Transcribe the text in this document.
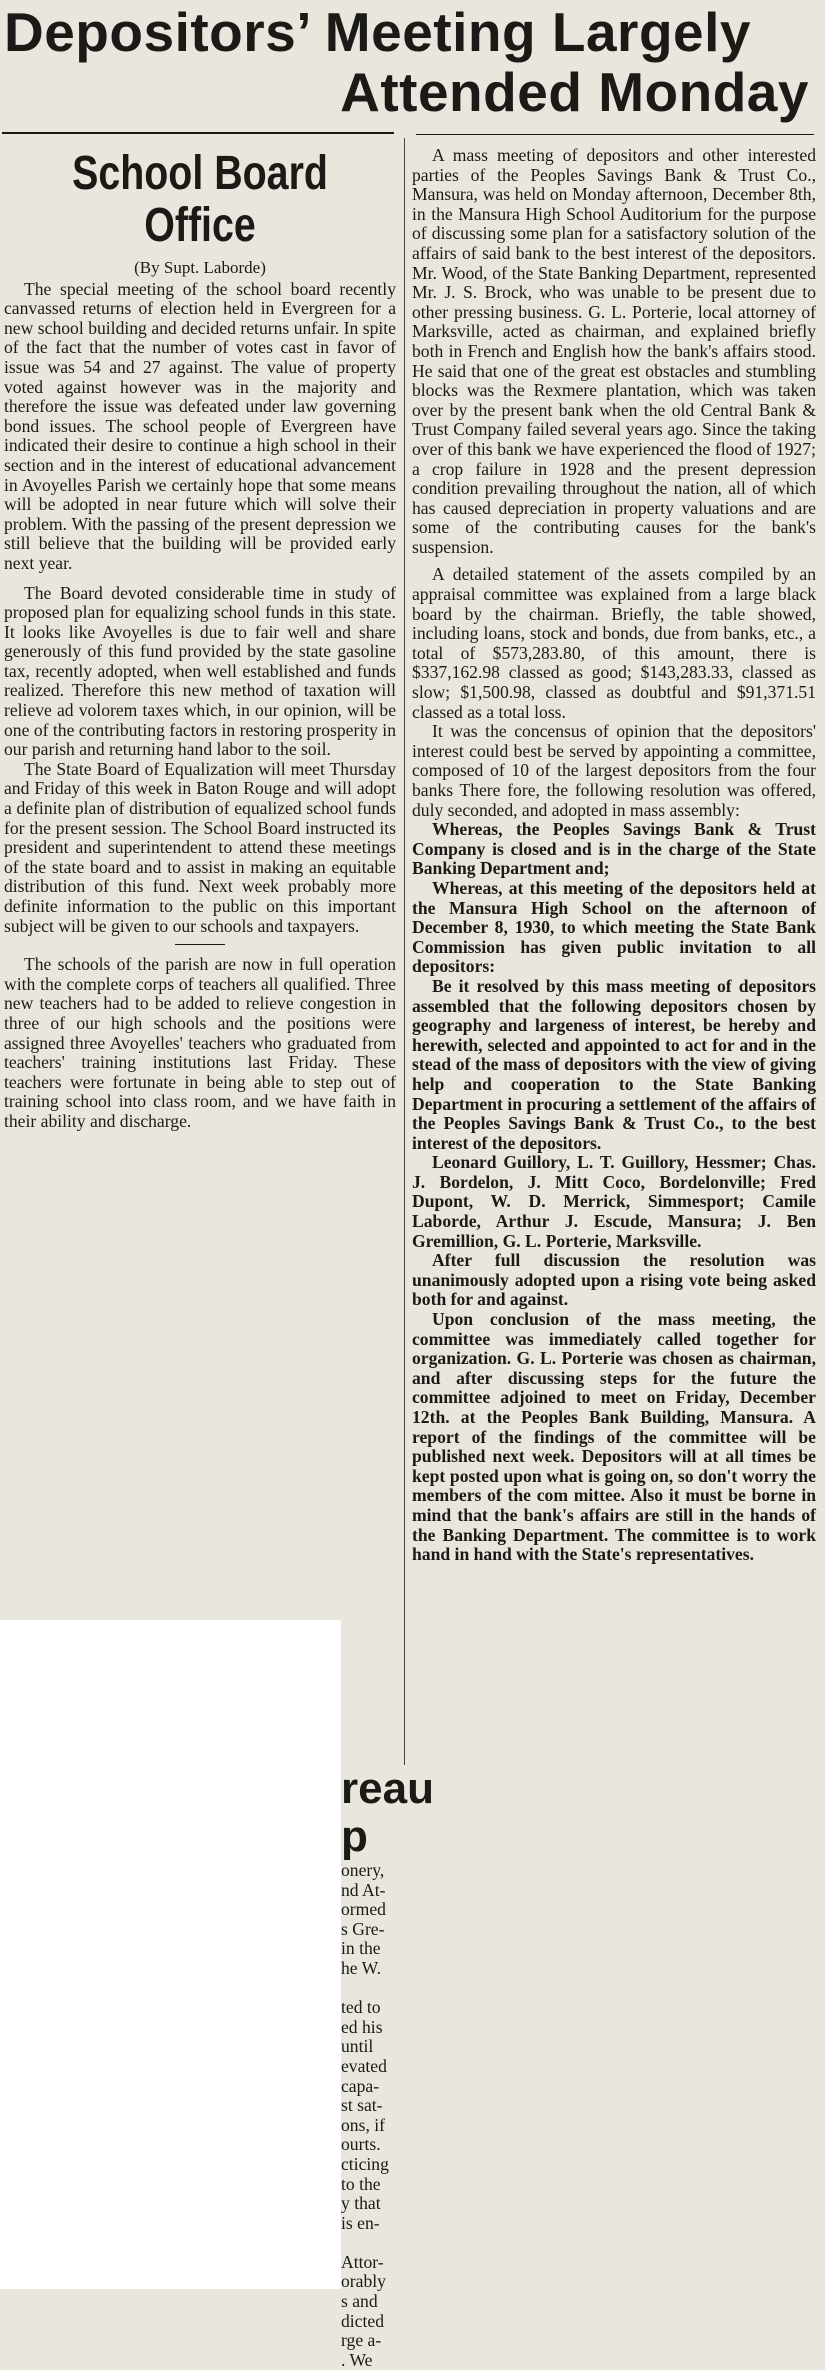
Depositors’ Meeting Largely
Attended Monday
School Board
Office
(By Supt. Laborde)

The special meeting of the school board recently canvassed returns of election held in Evergreen for a new school building and decided returns unfair. In spite of the fact that the number of votes cast in favor of issue was 54 and 27 against. The value of property voted against however was in the majority and therefore the issue was defeated under law governing bond issues. The school people of Evergreen have indicated their desire to continue a high school in their section and in the interest of educational advancement in Avoyelles Parish we certainly hope that some means will be adopted in near future which will solve their problem. With the passing of the present depression we still believe that the building will be provided early next year.

The Board devoted considerable time in study of proposed plan for equalizing school funds in this state. It looks like Avoyelles is due to fair well and share generously of this fund provided by the state gasoline tax, recently adopted, when well established and funds realized. Therefore this new method of taxation will relieve ad volorem taxes which, in our opinion, will be one of the contributing factors in restoring prosperity in our parish and returning hand labor to the soil.

The State Board of Equalization will meet Thursday and Friday of this week in Baton Rouge and will adopt a definite plan of distribution of equalized school funds for the present session. The School Board instructed its president and superintendent to attend these meetings of the state board and to assist in making an equitable distribution of this fund. Next week probably more definite information to the public on this important subject will be given to our schools and taxpayers.

The schools of the parish are now in full operation with the complete corps of teachers all qualified. Three new teachers had to be added to relieve congestion in three of our high schools and the positions were assigned three Avoyelles' teachers who graduated from teachers' training institutions last Friday. These teachers were fortunate in being able to step out of training school into class room, and we have faith in their ability and discharge.

reau
p
onery,
nd At-
ormed
s Gre-
in the
he W.

ted to
ed his
until
evated
capa-
st sat-
ons, if
ourts.
cticing
to the
y that
is en-

Attor-
orably
s and
dicted
rge a-
. We

A mass meeting of depositors and other interested parties of the Peoples Savings Bank & Trust Co., Mansura, was held on Monday afternoon, December 8th, in the Mansura High School Auditorium for the purpose of discussing some plan for a satisfactory solution of the affairs of said bank to the best interest of the depositors. Mr. Wood, of the State Banking Department, represented Mr. J. S. Brock, who was unable to be present due to other pressing business. G. L. Porterie, local attorney of Marksville, acted as chairman, and explained briefly both in French and English how the bank's affairs stood. He said that one of the great est obstacles and stumbling blocks was the Rexmere plantation, which was taken over by the present bank when the old Central Bank & Trust Company failed several years ago. Since the taking over of this bank we have experienced the flood of 1927; a crop failure in 1928 and the present depression condition prevailing throughout the nation, all of which has caused depreciation in property valuations and are some of the contributing causes for the bank's suspension.

A detailed statement of the assets compiled by an appraisal committee was explained from a large black board by the chairman. Briefly, the table showed, including loans, stock and bonds, due from banks, etc., a total of $573,283.80, of this amount, there is $337,162.98 classed as good; $143,283.33, classed as slow; $1,500.98, classed as doubtful and $91,371.51 classed as a total loss.

It was the concensus of opinion that the depositors' interest could best be served by appointing a committee, composed of 10 of the largest depositors from the four banks There fore, the following resolution was offered, duly seconded, and adopted in mass assembly:

Whereas, the Peoples Savings Bank & Trust Company is closed and is in the charge of the State Banking Department and;

Whereas, at this meeting of the depositors held at the Mansura High School on the afternoon of December 8, 1930, to which meeting the State Bank Commission has given public invitation to all depositors:

Be it resolved by this mass meeting of depositors assembled that the following depositors chosen by geography and largeness of interest, be hereby and herewith, selected and appointed to act for and in the stead of the mass of depositors with the view of giving help and cooperation to the State Banking Department in procuring a settlement of the affairs of the Peoples Savings Bank & Trust Co., to the best interest of the depositors.

Leonard Guillory, L. T. Guillory, Hessmer; Chas. J. Bordelon, J. Mitt Coco, Bordelonville; Fred Dupont, W. D. Merrick, Simmesport; Camile Laborde, Arthur J. Escude, Mansura; J. Ben Gremillion, G. L. Porterie, Marksville.

After full discussion the resolution was unanimously adopted upon a rising vote being asked both for and against.

Upon conclusion of the mass meeting, the committee was immediately called together for organization. G. L. Porterie was chosen as chairman, and after discussing steps for the future the committee adjoined to meet on Friday, December 12th. at the Peoples Bank Building, Mansura. A report of the findings of the committee will be published next week. Depositors will at all times be kept posted upon what is going on, so don't worry the members of the com mittee. Also it must be borne in mind that the bank's affairs are still in the hands of the Banking Department. The committee is to work hand in hand with the State's representatives.
